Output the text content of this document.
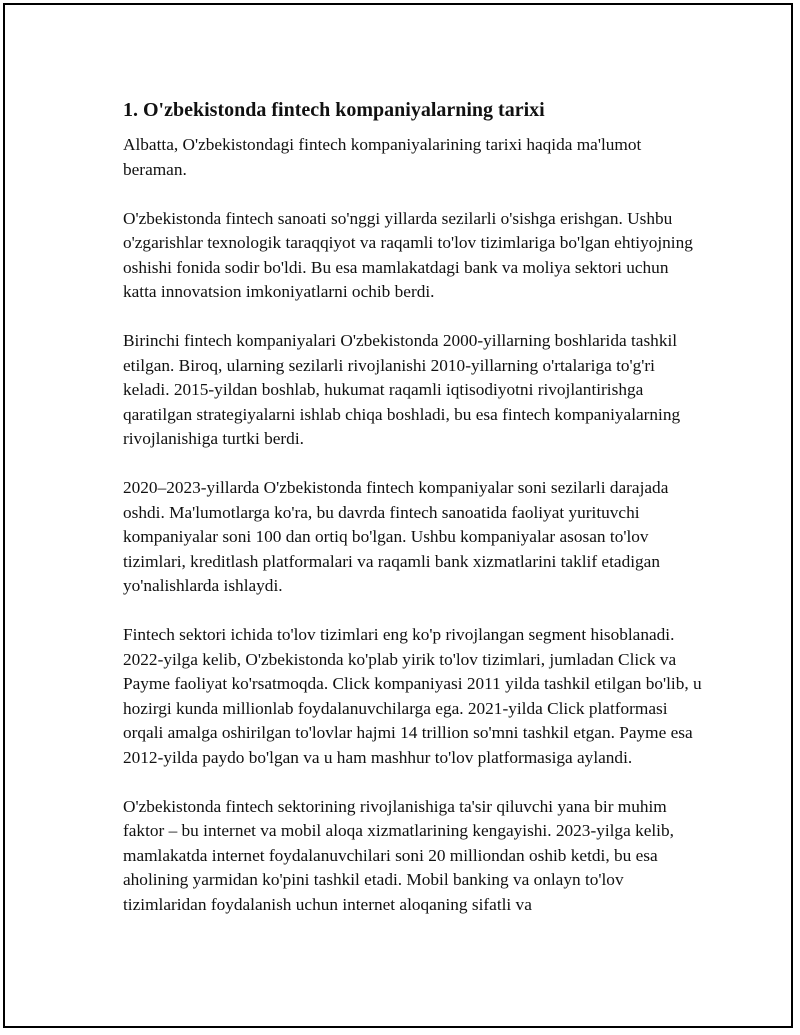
1. O'zbekistonda fintech kompaniyalarning tarixi

Albatta, O'zbekistondagi fintech kompaniyalarining tarixi haqida ma'lumot beraman.

O'zbekistonda fintech sanoati so'nggi yillarda sezilarli o'sishga erishgan. Ushbu o'zgarishlar texnologik taraqqiyot va raqamli to'lov tizimlariga bo'lgan ehtiyojning oshishi fonida sodir bo'ldi. Bu esa mamlakatdagi bank va moliya sektori uchun katta innovatsion imkoniyatlarni ochib berdi.

Birinchi fintech kompaniyalari O'zbekistonda 2000-yillarning boshlarida tashkil etilgan. Biroq, ularning sezilarli rivojlanishi 2010-yillarning o'rtalariga to'g'ri keladi. 2015-yildan boshlab, hukumat raqamli iqtisodiyotni rivojlantirishga qaratilgan strategiyalarni ishlab chiqa boshladi, bu esa fintech kompaniyalarning rivojlanishiga turtki berdi.

2020–2023-yillarda O'zbekistonda fintech kompaniyalar soni sezilarli darajada oshdi. Ma'lumotlarga ko'ra, bu davrda fintech sanoatida faoliyat yurituvchi kompaniyalar soni 100 dan ortiq bo'lgan. Ushbu kompaniyalar asosan to'lov tizimlari, kreditlash platformalari va raqamli bank xizmatlarini taklif etadigan yo'nalishlarda ishlaydi.

Fintech sektori ichida to'lov tizimlari eng ko'p rivojlangan segment hisoblanadi. 2022-yilga kelib, O'zbekistonda ko'plab yirik to'lov tizimlari, jumladan Click va Payme faoliyat ko'rsatmoqda. Click kompaniyasi 2011 yilda tashkil etilgan bo'lib, u hozirgi kunda millionlab foydalanuvchilarga ega. 2021-yilda Click platformasi orqali amalga oshirilgan to'lovlar hajmi 14 trillion so'mni tashkil etgan. Payme esa 2012-yilda paydo bo'lgan va u ham mashhur to'lov platformasiga aylandi.

O'zbekistonda fintech sektorining rivojlanishiga ta'sir qiluvchi yana bir muhim faktor – bu internet va mobil aloqa xizmatlarining kengayishi. 2023-yilga kelib, mamlakatda internet foydalanuvchilari soni 20 milliondan oshib ketdi, bu esa aholining yarmidan ko'pini tashkil etadi. Mobil banking va onlayn to'lov tizimlaridan foydalanish uchun internet aloqaning sifatli va
